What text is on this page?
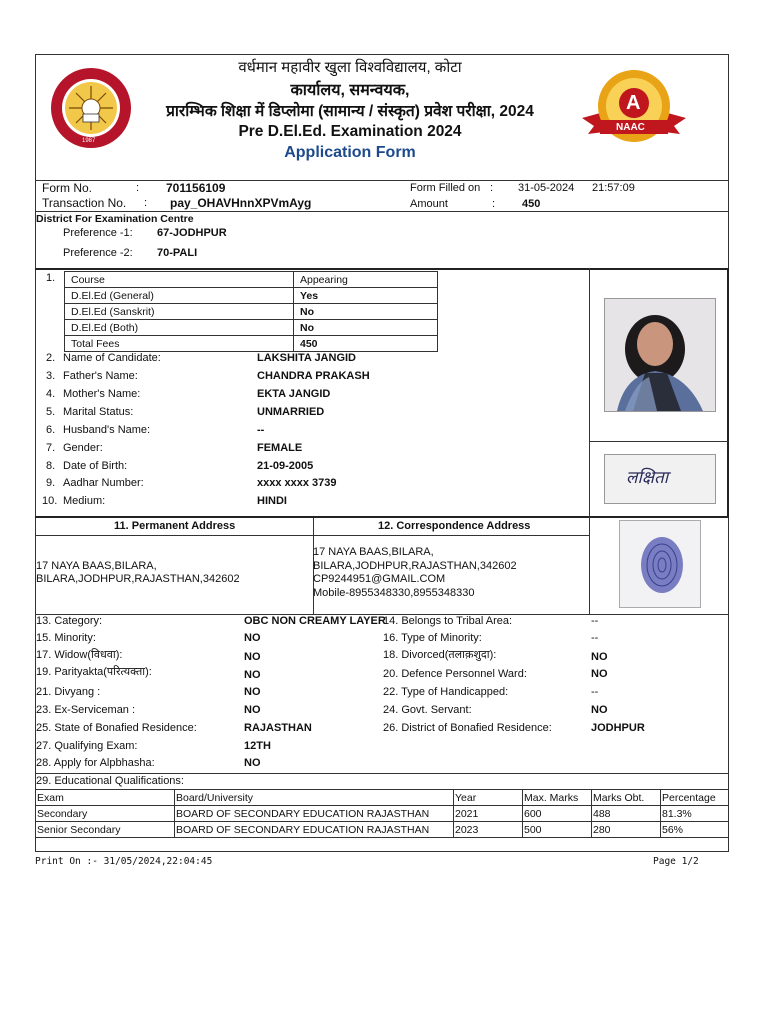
1987
वर्धमान महावीर खुला विश्वविद्यालय, कोटा
कार्यालय, समन्वयक,
प्रारम्भिक शिक्षा में डिप्लोमा (सामान्य / संस्कृत) प्रवेश परीक्षा, 2024
Pre D.El.Ed. Examination 2024
Application Form
A
NAAC
Form No.	: 701156109
Transaction No. : pay_OHAVHnnXPVmAyg
Form Filled on : 31-05-2024 21:57:09
Amount	: 450
District For Examination Centre
Preference -1: 67-JODHPUR
Preference -2: 70-PALI
1. Course	Appearing
D.El.Ed (General)	Yes
D.El.Ed (Sanskrit)	No
D.El.Ed (Both)	No
Total Fees	450
2. Name of Candidate:	LAKSHITA JANGID
3. Father's Name:	CHANDRA PRAKASH
4. Mother's Name:	EKTA JANGID
5. Marital Status:	UNMARRIED
6. Husband's Name:	--
7. Gender:	FEMALE
8. Date of Birth:	21-09-2005
9. Aadhar Number:	xxxx xxxx 3739
10. Medium:	HINDI
लक्षिता
11. Permanent Address	12. Correspondence Address
17 NAYA BAAS,BILARA,
BILARA,JODHPUR,RAJASTHAN,342602
17 NAYA BAAS,BILARA,
BILARA,JODHPUR,RAJASTHAN,342602
CP9244951@GMAIL.COM
Mobile-8955348330,8955348330
13. Category:	OBC NON CREAMY LAYER
15. Minority:	NO
17. Widow(विधवा):	NO
19. Parityakta(परित्यक्ता):	NO
21. Divyang :	NO
23. Ex-Serviceman :	NO
25. State of Bonafied Residence:	RAJASTHAN
27. Qualifying Exam:	12TH
28. Apply for Alpbhasha:	NO
14. Belongs to Tribal Area:	--
16. Type of Minority:	--
18. Divorced(तलाक़शुदा):	NO
20. Defence Personnel Ward:	NO
22. Type of Handicapped:	--
24. Govt. Servant:	NO
26. District of Bonafied Residence:	JODHPUR
29. Educational Qualifications:
Exam	Board/University	Year	Max. Marks	Marks Obt.	Percentage
Secondary	BOARD OF SECONDARY EDUCATION RAJASTHAN	2021	600	488	81.3%
Senior Secondary	BOARD OF SECONDARY EDUCATION RAJASTHAN	2023	500	280	56%
Print On :- 31/05/2024,22:04:45	Page 1/2
